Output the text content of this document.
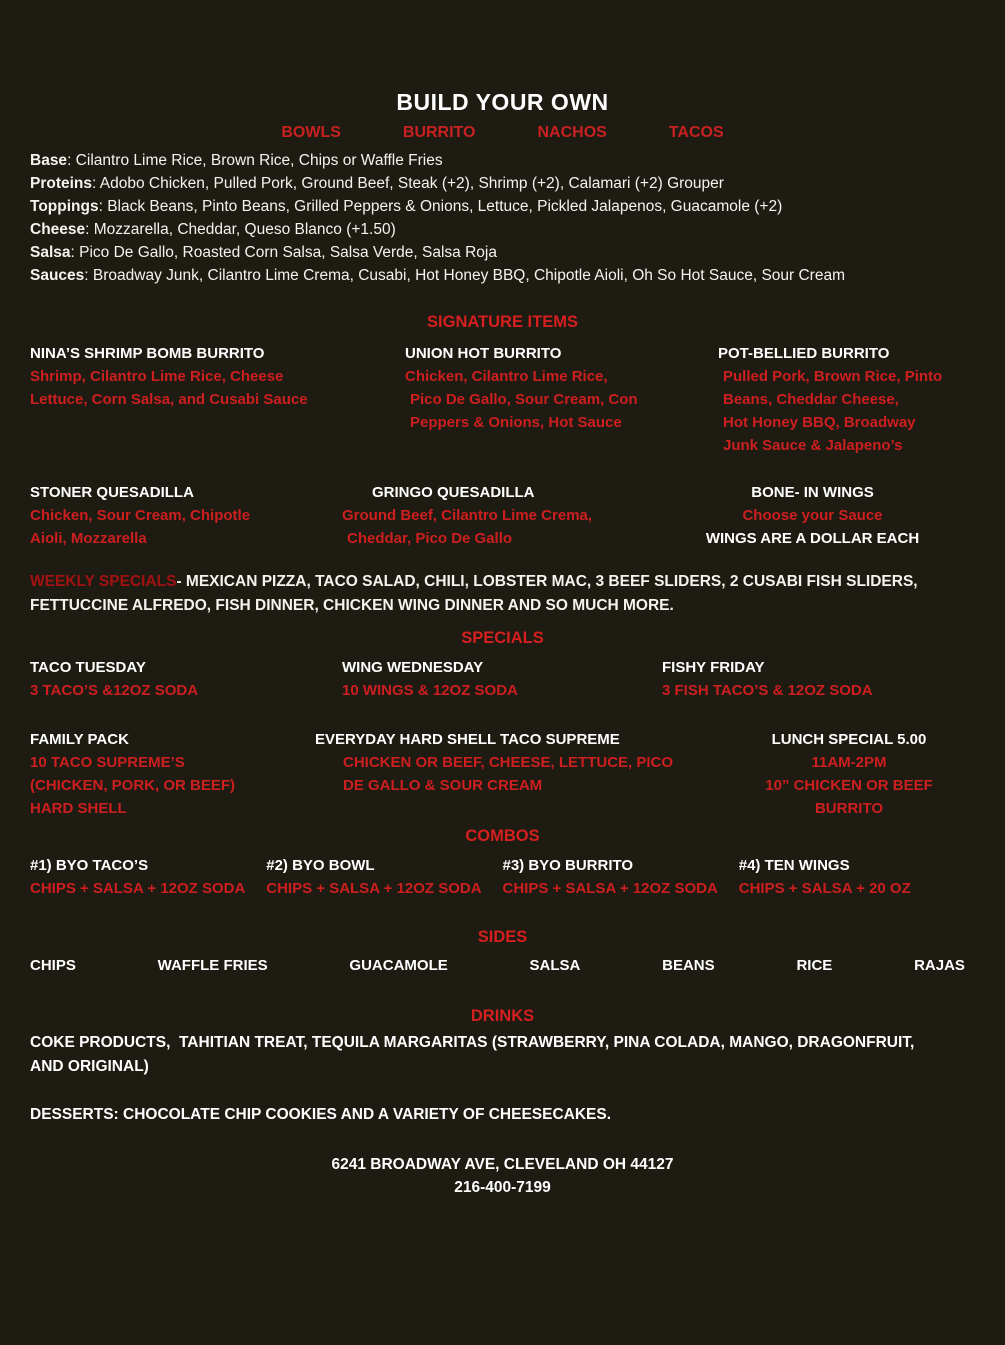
BUILD YOUR OWN
BOWLS	BURRITO	NACHOS	TACOS
Base: Cilantro Lime Rice, Brown Rice, Chips or Waffle Fries
Proteins: Adobo Chicken, Pulled Pork, Ground Beef, Steak (+2), Shrimp (+2), Calamari (+2) Grouper
Toppings: Black Beans, Pinto Beans, Grilled Peppers & Onions, Lettuce, Pickled Jalapenos, Guacamole (+2)
Cheese: Mozzarella, Cheddar, Queso Blanco (+1.50)
Salsa: Pico De Gallo, Roasted Corn Salsa, Salsa Verde, Salsa Roja
Sauces: Broadway Junk, Cilantro Lime Crema, Cusabi, Hot Honey BBQ, Chipotle Aioli, Oh So Hot Sauce, Sour Cream
SIGNATURE ITEMS
NINA’S SHRIMP BOMB BURRITO
Shrimp, Cilantro Lime Rice, Cheese
Lettuce, Corn Salsa, and Cusabi Sauce
UNION HOT BURRITO
Chicken, Cilantro Lime Rice,
Pico De Gallo, Sour Cream, Con
Peppers & Onions, Hot Sauce
POT-BELLIED BURRITO
Pulled Pork, Brown Rice, Pinto
Beans, Cheddar Cheese,
Hot Honey BBQ, Broadway
Junk Sauce & Jalapeno’s
STONER QUESADILLA
Chicken, Sour Cream, Chipotle
Aioli, Mozzarella
GRINGO QUESADILLA
Ground Beef, Cilantro Lime Crema,
Cheddar, Pico De Gallo
BONE- IN WINGS
Choose your Sauce
WINGS ARE A DOLLAR EACH
WEEKLY SPECIALS- MEXICAN PIZZA, TACO SALAD, CHILI, LOBSTER MAC, 3 BEEF SLIDERS, 2 CUSABI FISH SLIDERS, FETTUCCINE ALFREDO, FISH DINNER, CHICKEN WING DINNER AND SO MUCH MORE.
SPECIALS
TACO TUESDAY
3 TACO’S &12OZ SODA
WING WEDNESDAY
10 WINGS & 12OZ SODA
FISHY FRIDAY
3 FISH TACO’S & 12OZ SODA
FAMILY PACK
10 TACO SUPREME’S
(CHICKEN, PORK, OR BEEF)
HARD SHELL
EVERYDAY HARD SHELL TACO SUPREME
CHICKEN OR BEEF, CHEESE, LETTUCE, PICO
DE GALLO & SOUR CREAM
LUNCH SPECIAL 5.00
11AM-2PM
10” CHICKEN OR BEEF
BURRITO
COMBOS
#1) BYO TACO’S
CHIPS + SALSA + 12OZ SODA
#2) BYO BOWL
CHIPS + SALSA + 12OZ SODA
#3) BYO BURRITO
CHIPS + SALSA + 12OZ SODA
#4) TEN WINGS
CHIPS + SALSA + 20 OZ
SIDES
CHIPS	WAFFLE FRIES	GUACAMOLE	SALSA	BEANS	RICE	RAJAS
DRINKS
COKE PRODUCTS,  TAHITIAN TREAT, TEQUILA MARGARITAS (STRAWBERRY, PINA COLADA, MANGO, DRAGONFRUIT, AND ORIGINAL)
DESSERTS: CHOCOLATE CHIP COOKIES AND A VARIETY OF CHEESECAKES.
6241 BROADWAY AVE, CLEVELAND OH 44127
216-400-7199
